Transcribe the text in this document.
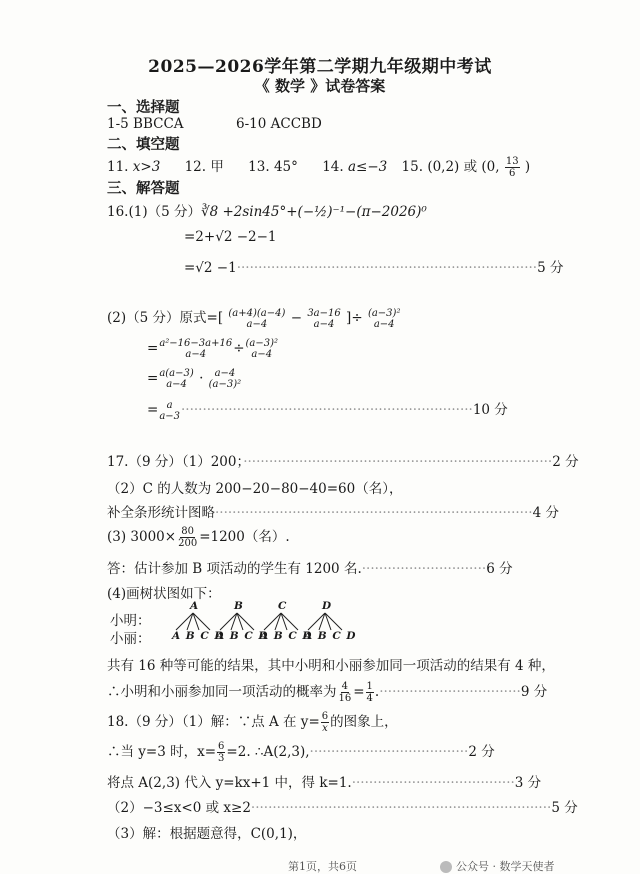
2025—2026学年第二学期九年级期中考试
《 数学 》试卷答案
一、选择题
1-5 BBCCA	6-10 ACCBD
二、填空题
11. x>3 12. 甲 13. 45° 14. a≤−3 15. (0,2) 或 (0, $\frac{13}{6}$ )
三、解答题
16.(1)（5 分）∛8 +2sin45°+(−½)⁻¹−(π−2026)⁰
=2+√2 −2−1
=√2 −1······································································5 分
(2)（5 分）原式=[ (a+4)(a−4)
a−4 − 3a−16
a−4 ]÷ (a−3)²
a−4
= a²−16−3a+16
a−4 ÷ (a−3)²
a−4
= a(a−3)
a−4 · a−4
(a−3)²
= a
a−3 ····································································10 分
17.（9 分）（1）200；········································································2 分
（2）C 的人数为 200−20−80−40=60（名），
补全条形统计图略··········································································4 分
(3) $3000\times \frac{80}{200} =1200$（名）.
答：估计参加 B 项活动的学生有 1200 名.·····························6 分
(4)画树状图如下：
小明：
小丽：
A	B	C	D
A B C D
A B C D
A B C D
A B C D
共有 16 种等可能的结果，其中小明和小丽参加同一项活动的结果有 4 种，
∴小明和小丽参加同一项活动的概率为 $\frac{4}{16} = \frac{1}{4} .\cdot\cdot\cdot\cdot\cdot\cdot\cdot\cdot\cdot\cdot\cdot\cdot\cdot\cdot\cdot\cdot\cdot\cdot\cdot\cdot\cdot\cdot\cdot\cdot\cdot\cdot\cdot\cdot\cdot\cdot\cdot\cdot\cdot 9$ 分
18.（9 分）（1）解：∵点 A 在 $y= \frac{6}{x}$ 的图象上，
∴当 y=3 时，$x= \frac{6}{3} =2$. ∴A(2,3),·····································2 分
将点 A(2,3) 代入 y=kx+1 中，得 k=1.······································3 分
（2）−3≤x<0 或 x≥2······································································5 分
（3）解：根据题意得，C(0,1)，
第1页，共6页	公众号 · 数学天使者
